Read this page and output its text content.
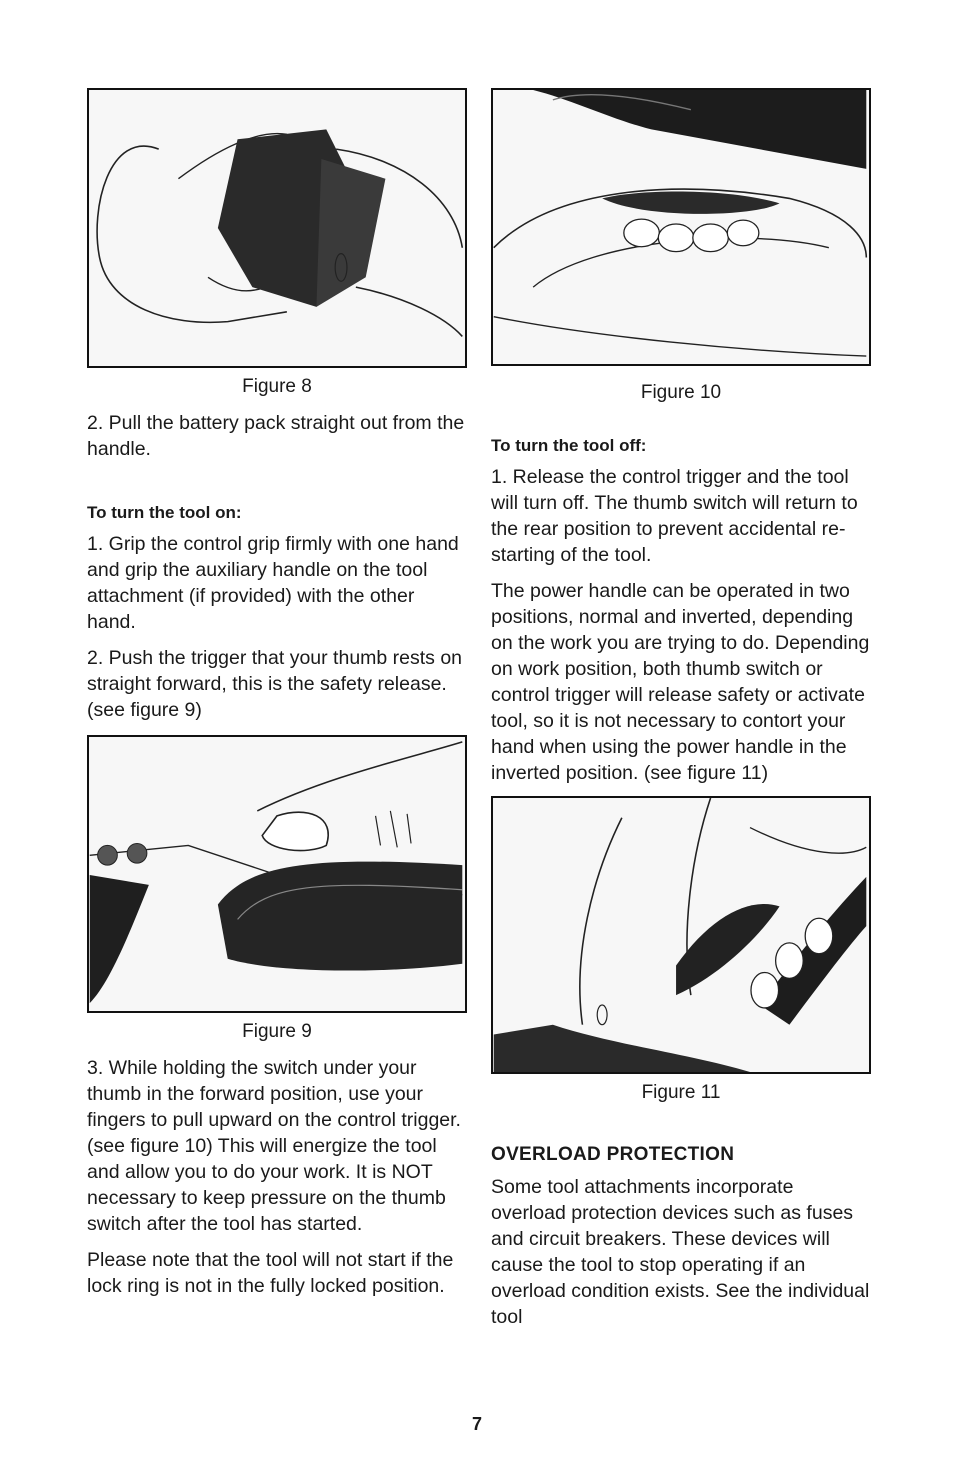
Figure 8

2. Pull the battery pack straight out from the handle.

To turn the tool on:

1. Grip the control grip firmly with one hand and grip the auxiliary handle on the tool attachment (if provided) with the other hand.

2. Push the trigger that your thumb rests on straight forward, this is the safety release. (see figure 9)

Figure 9

3. While holding the switch under your thumb in the forward position, use your fingers to pull upward on the control trigger. (see figure 10) This will energize the tool and allow you to do your work. It is NOT necessary to keep pressure on the thumb switch after the tool has started.

Please note that the tool will not start if the lock ring is not in the fully locked position.

Figure 10
To turn the tool off:

1. Release the control trigger and the tool will turn off. The thumb switch will return to the rear position to prevent accidental re-starting of the tool.

The power handle can be operated in two positions, normal and inverted, depending on the work you are trying to do. Depending on work position, both thumb switch or control trigger will release safety or activate tool, so it is not necessary to contort your hand when using the power handle in the inverted position. (see figure 11)

Figure 11
OVERLOAD PROTECTION

Some tool attachments incorporate overload protection devices such as fuses and circuit breakers. These devices will cause the tool to stop operating if an overload condition exists. See the individual tool

7
